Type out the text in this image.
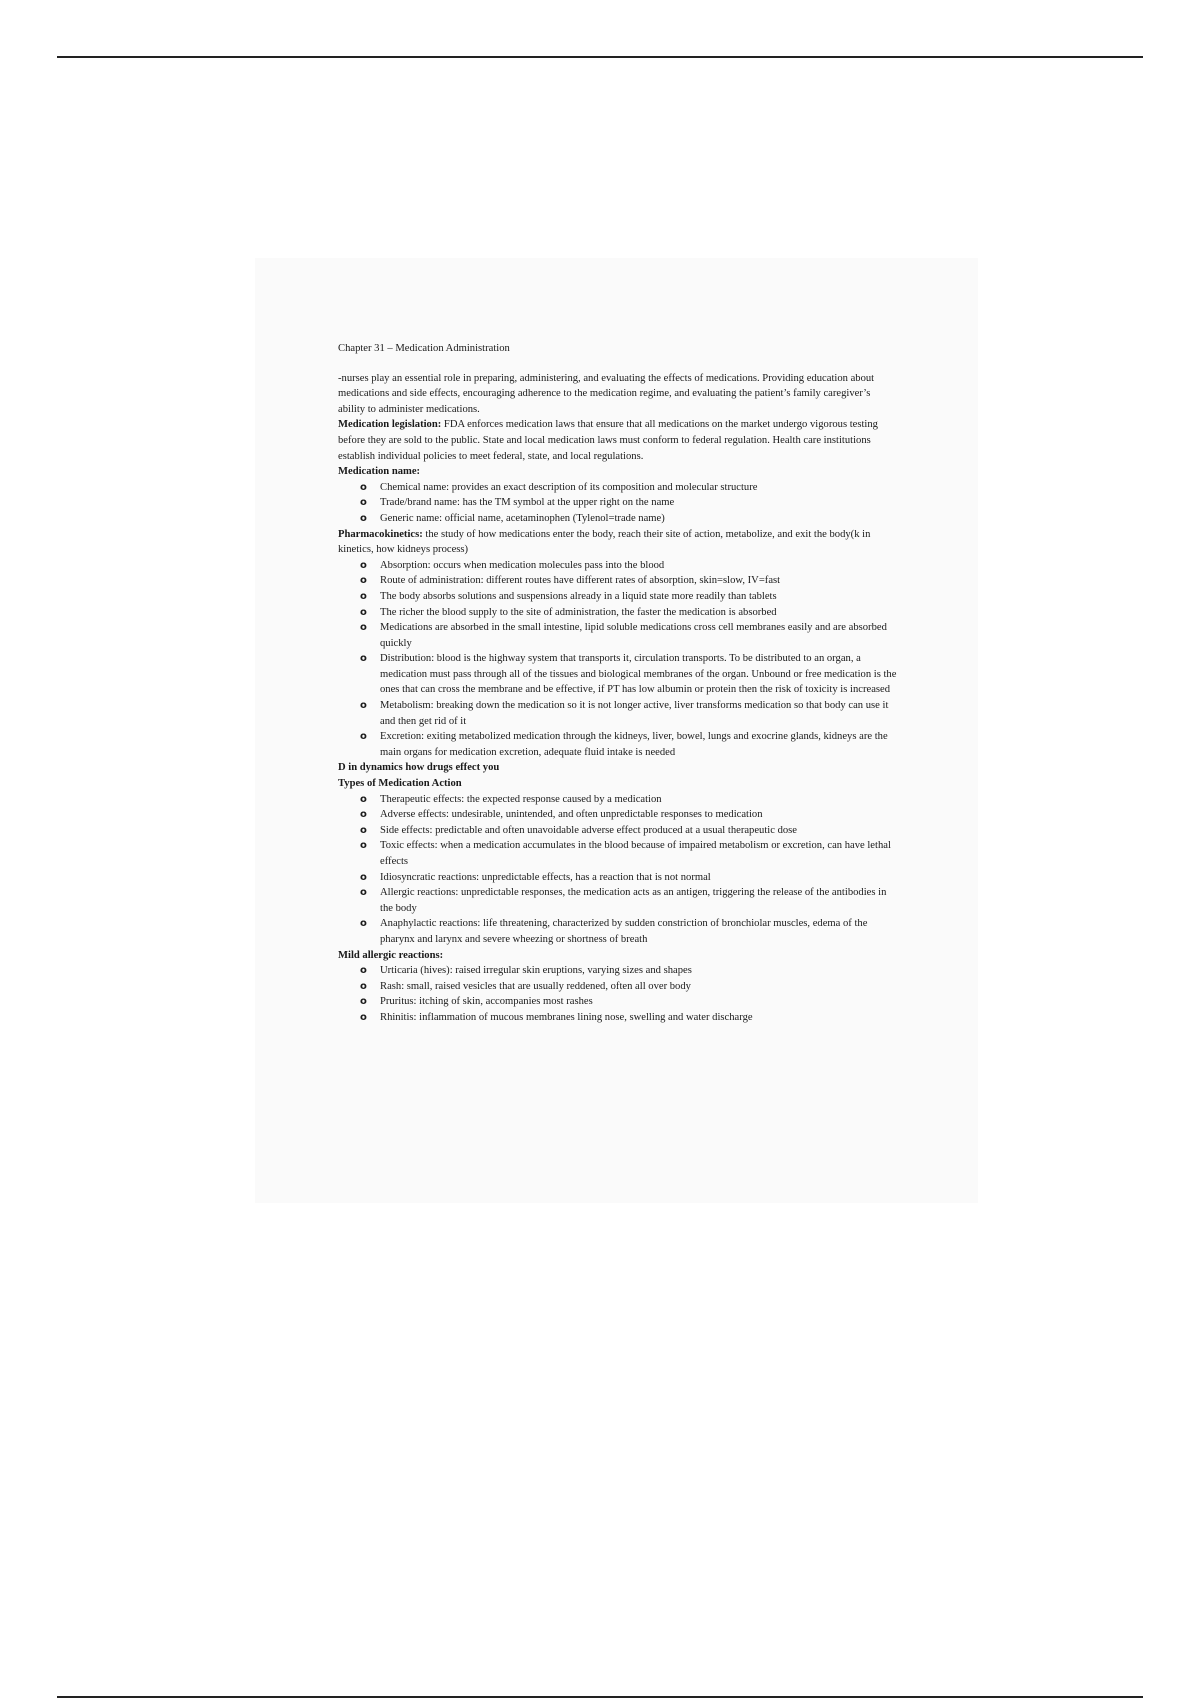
Chapter 31 – Medication Administration

-nurses play an essential role in preparing, administering, and evaluating the effects of medications. Providing education about medications and side effects, encouraging adherence to the medication regime, and evaluating the patient’s family caregiver’s ability to administer medications.

Medication legislation: FDA enforces medication laws that ensure that all medications on the market undergo vigorous testing before they are sold to the public. State and local medication laws must conform to federal regulation. Health care institutions establish individual policies to meet federal, state, and local regulations.

Medication name:

o Chemical name: provides an exact description of its composition and molecular structure
o Trade/brand name: has the TM symbol at the upper right on the name
o Generic name: official name, acetaminophen (Tylenol=trade name)

Pharmacokinetics: the study of how medications enter the body, reach their site of action, metabolize, and exit the body(k in kinetics, how kidneys process)

o Absorption: occurs when medication molecules pass into the blood
o Route of administration: different routes have different rates of absorption, skin=slow, IV=fast
o The body absorbs solutions and suspensions already in a liquid state more readily than tablets
o The richer the blood supply to the site of administration, the faster the medication is absorbed
o Medications are absorbed in the small intestine, lipid soluble medications cross cell membranes easily and are absorbed quickly
o Distribution: blood is the highway system that transports it, circulation transports. To be distributed to an organ, a medication must pass through all of the tissues and biological membranes of the organ. Unbound or free medication is the ones that can cross the membrane and be effective, if PT has low albumin or protein then the risk of toxicity is increased
o Metabolism: breaking down the medication so it is not longer active, liver transforms medication so that body can use it and then get rid of it
o Excretion: exiting metabolized medication through the kidneys, liver, bowel, lungs and exocrine glands, kidneys are the main organs for medication excretion, adequate fluid intake is needed

D in dynamics how drugs effect you

Types of Medication Action

o Therapeutic effects: the expected response caused by a medication
o Adverse effects: undesirable, unintended, and often unpredictable responses to medication
o Side effects: predictable and often unavoidable adverse effect produced at a usual therapeutic dose
o Toxic effects: when a medication accumulates in the blood because of impaired metabolism or excretion, can have lethal effects
o Idiosyncratic reactions: unpredictable effects, has a reaction that is not normal
o Allergic reactions: unpredictable responses, the medication acts as an antigen, triggering the release of the antibodies in the body
o Anaphylactic reactions: life threatening, characterized by sudden constriction of bronchiolar muscles, edema of the pharynx and larynx and severe wheezing or shortness of breath

Mild allergic reactions:

o Urticaria (hives): raised irregular skin eruptions, varying sizes and shapes
o Rash: small, raised vesicles that are usually reddened, often all over body
o Pruritus: itching of skin, accompanies most rashes
o Rhinitis: inflammation of mucous membranes lining nose, swelling and water discharge
